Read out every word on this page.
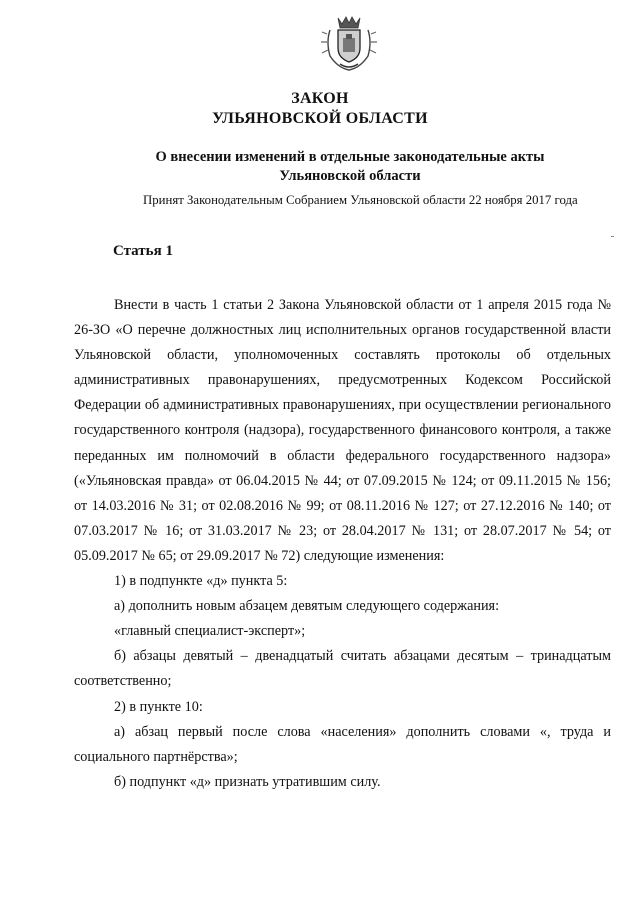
ЗАКОН
УЛЬЯНОВСКОЙ ОБЛАСТИ
О внесении изменений в отдельные законодательные акты
Ульяновской области
Принят Законодательным Собранием Ульяновской области 22 ноября 2017 года
Статья 1

Внести в часть 1 статьи 2 Закона Ульяновской области от 1 апреля 2015 года № 26-ЗО «О перечне должностных лиц исполнительных органов государственной власти Ульяновской области, уполномоченных составлять протоколы об отдельных административных правонарушениях, предусмотренных Кодексом Российской Федерации об административных правонарушениях, при осуществлении регионального государственного контроля (надзора), государственного финансового контроля, а также переданных им полномочий в области федерального государственного надзора» («Ульяновская правда» от 06.04.2015 № 44; от 07.09.2015 № 124; от 09.11.2015 № 156; от 14.03.2016 № 31; от 02.08.2016 № 99; от 08.11.2016 № 127; от 27.12.2016 № 140; от 07.03.2017 № 16; от 31.03.2017 № 23; от 28.04.2017 № 131; от 28.07.2017 № 54; от 05.09.2017 № 65; от 29.09.2017 № 72) следующие изменения:

1) в подпункте «д» пункта 5:

а) дополнить новым абзацем девятым следующего содержания:

«главный специалист-эксперт»;

б) абзацы девятый – двенадцатый считать абзацами десятым – тринадцатым соответственно;

2) в пункте 10:

а) абзац первый после слова «населения» дополнить словами «, труда и социального партнёрства»;

б) подпункт «д» признать утратившим силу.
